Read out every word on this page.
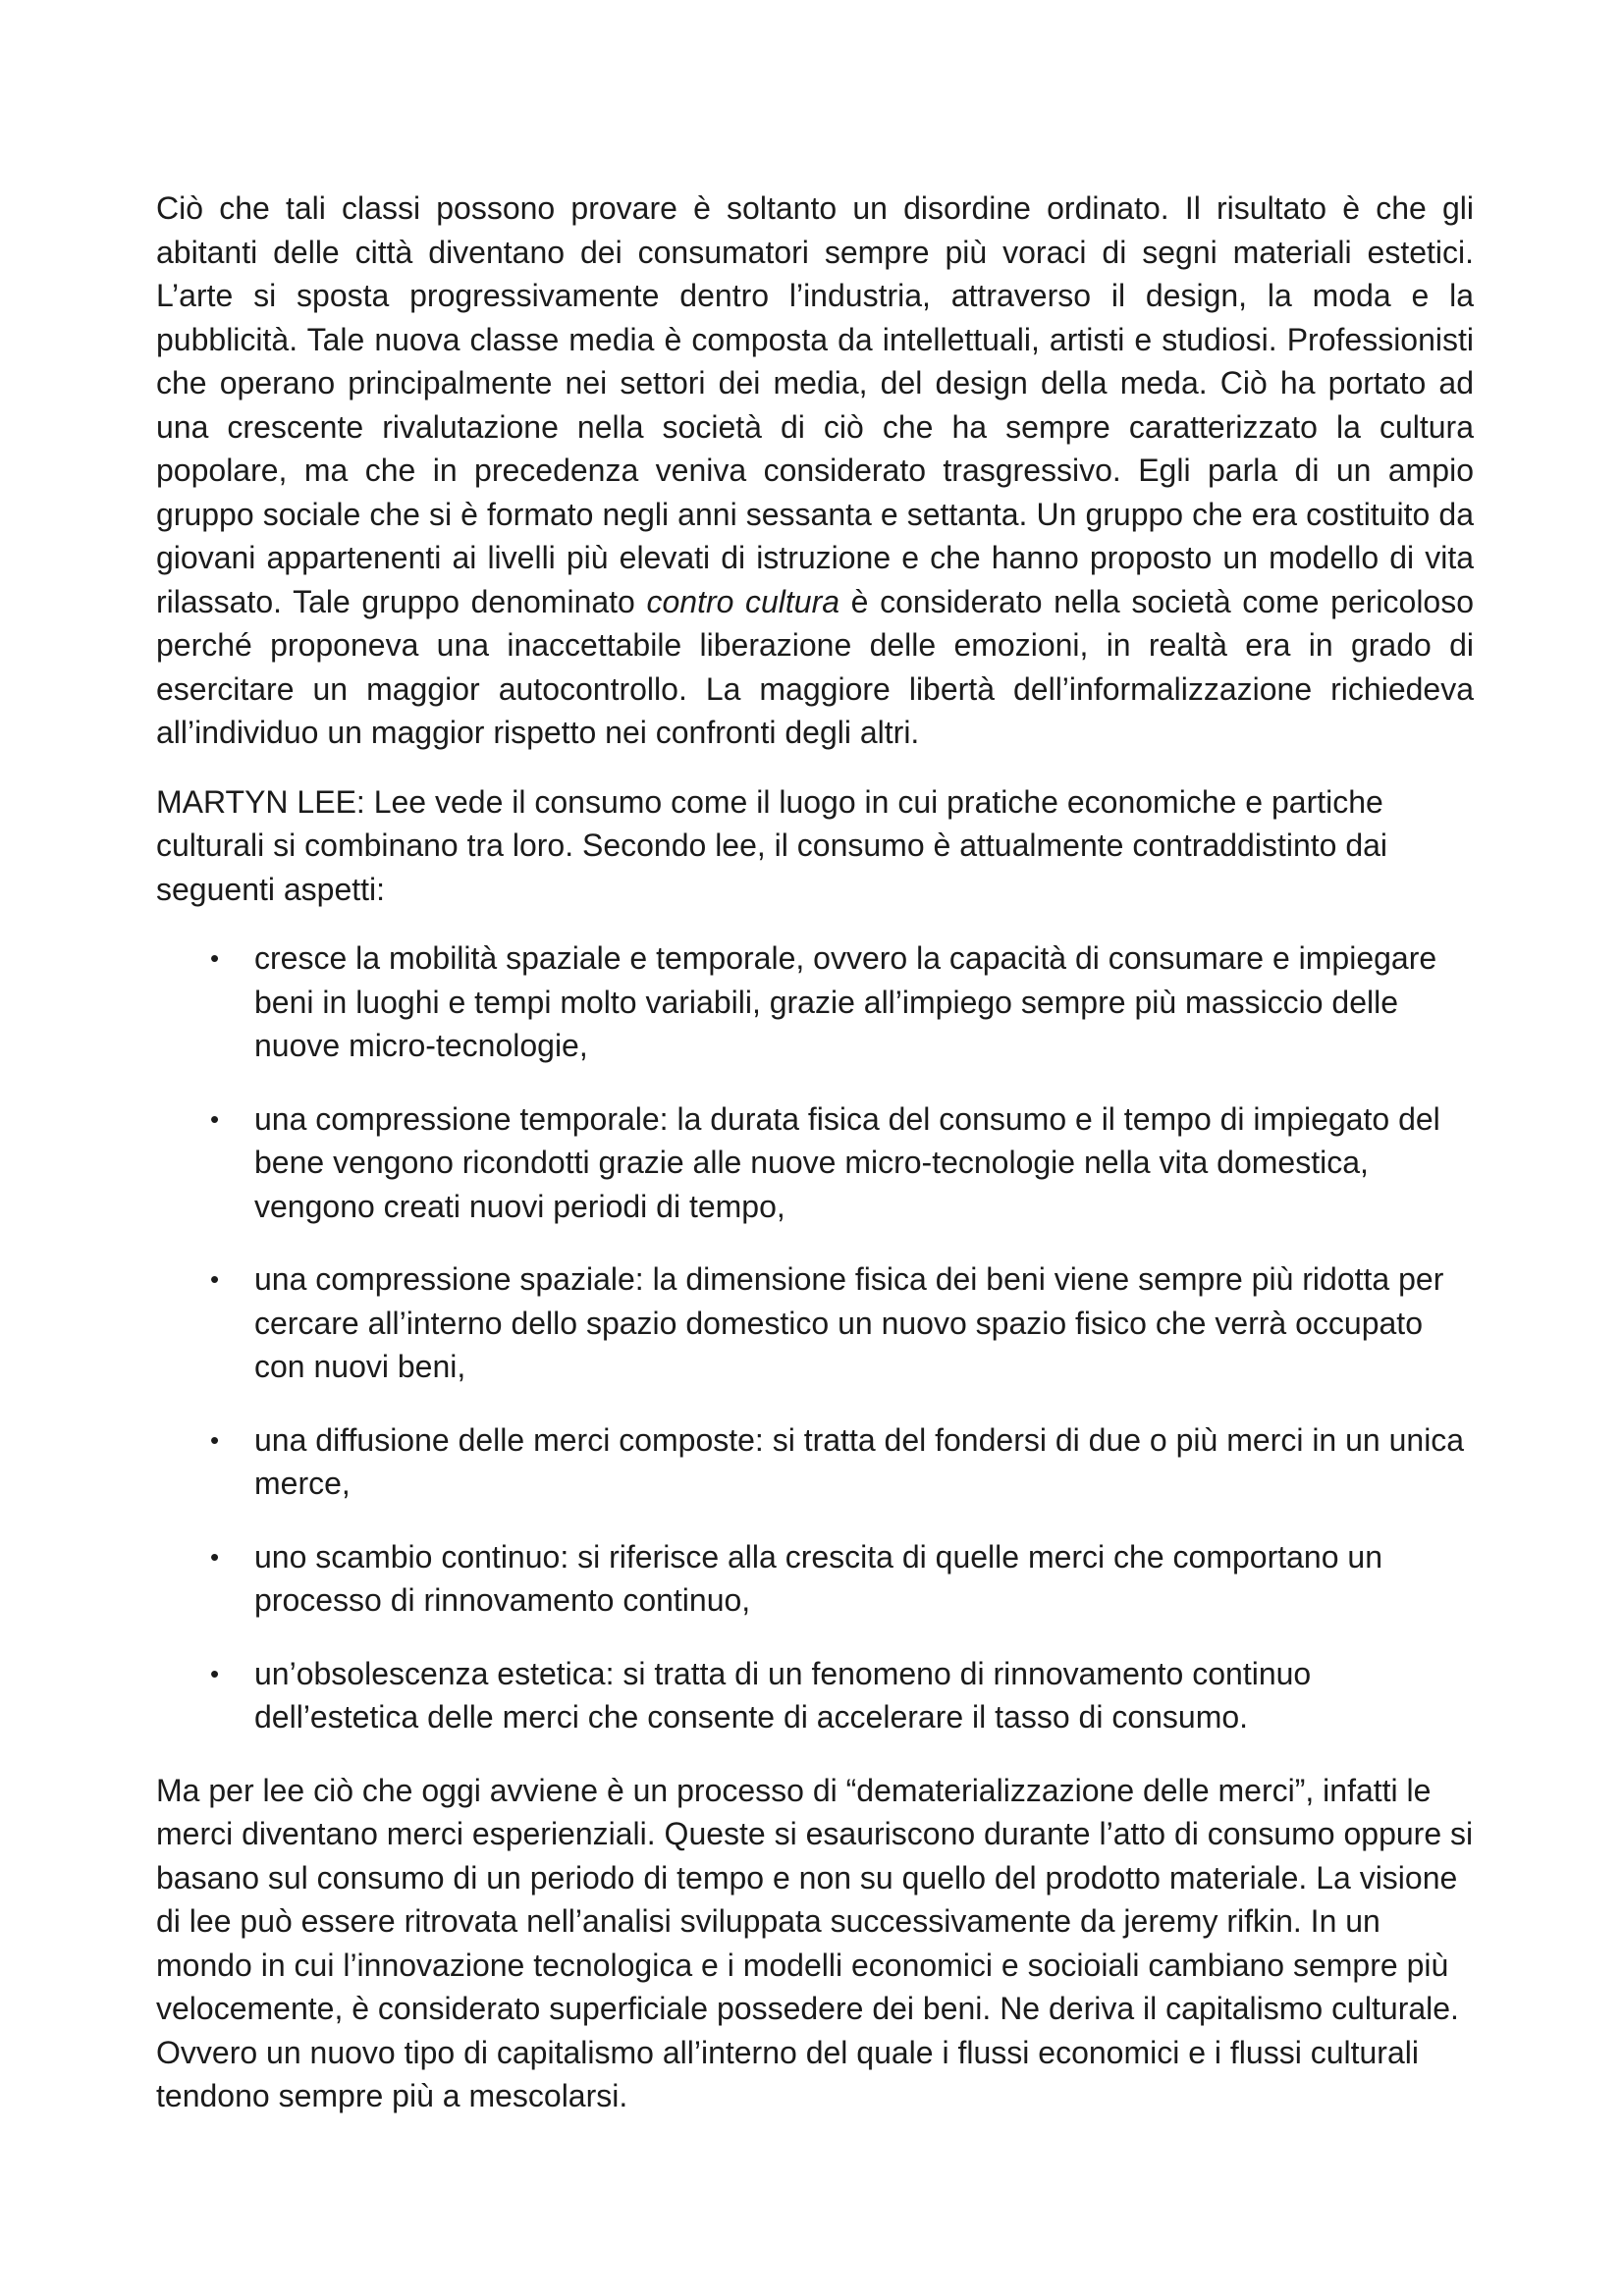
Ciò che tali classi possono provare è soltanto un disordine ordinato. Il risultato è che gli abitanti delle città diventano dei consumatori sempre più voraci di segni materiali estetici. L’arte si sposta progressivamente dentro l’industria, attraverso il design, la moda e la pubblicità. Tale nuova classe media è composta da intellettuali, artisti e studiosi. Professionisti che operano principalmente nei settori dei media, del design della meda. Ciò ha portato ad una crescente rivalutazione nella società di ciò che ha sempre caratterizzato la cultura popolare, ma che in precedenza veniva considerato trasgressivo. Egli parla di un ampio gruppo sociale che si è formato negli anni sessanta e settanta. Un gruppo che era costituito da giovani appartenenti ai livelli più elevati di istruzione e che hanno proposto un modello di vita rilassato. Tale gruppo denominato contro cultura è considerato nella società come pericoloso perché proponeva una inaccettabile liberazione delle emozioni, in realtà era in grado di esercitare un maggior autocontrollo. La maggiore libertà dell’informalizzazione richiedeva all’individuo un maggior rispetto nei confronti degli altri.

MARTYN LEE: Lee vede il consumo come il luogo in cui pratiche economiche e partiche culturali si combinano tra loro. Secondo lee, il consumo è attualmente contraddistinto dai seguenti aspetti:

• cresce la mobilità spaziale e temporale, ovvero la capacità di consumare e impiegare beni in luoghi e tempi molto variabili, grazie all’impiego sempre più massiccio delle nuove micro-tecnologie,
• una compressione temporale: la durata fisica del consumo e il tempo di impiegato del bene vengono ricondotti grazie alle nuove micro-tecnologie nella vita domestica, vengono creati nuovi periodi di tempo,
• una compressione spaziale: la dimensione fisica dei beni viene sempre più ridotta per cercare all’interno dello spazio domestico un nuovo spazio fisico che verrà occupato con nuovi beni,
• una diffusione delle merci composte: si tratta del fondersi di due o più merci in un unica merce,
• uno scambio continuo: si riferisce alla crescita di quelle merci che comportano un processo di rinnovamento continuo,
• un’obsolescenza estetica: si tratta di un fenomeno di rinnovamento continuo dell’estetica delle merci che consente di accelerare il tasso di consumo.

Ma per lee ciò che oggi avviene è un processo di “dematerializzazione delle merci”, infatti le merci diventano merci esperienziali. Queste si esauriscono durante l’atto di consumo oppure si basano sul consumo di un periodo di tempo e non su quello del prodotto materiale. La visione di lee può essere ritrovata nell’analisi sviluppata successivamente da jeremy rifkin. In un mondo in cui l’innovazione tecnologica e i modelli economici e socioiali cambiano sempre più velocemente, è considerato superficiale possedere dei beni. Ne deriva il capitalismo culturale. Ovvero un nuovo tipo di capitalismo all’interno del quale i flussi economici e i flussi culturali tendono sempre più a mescolarsi.
